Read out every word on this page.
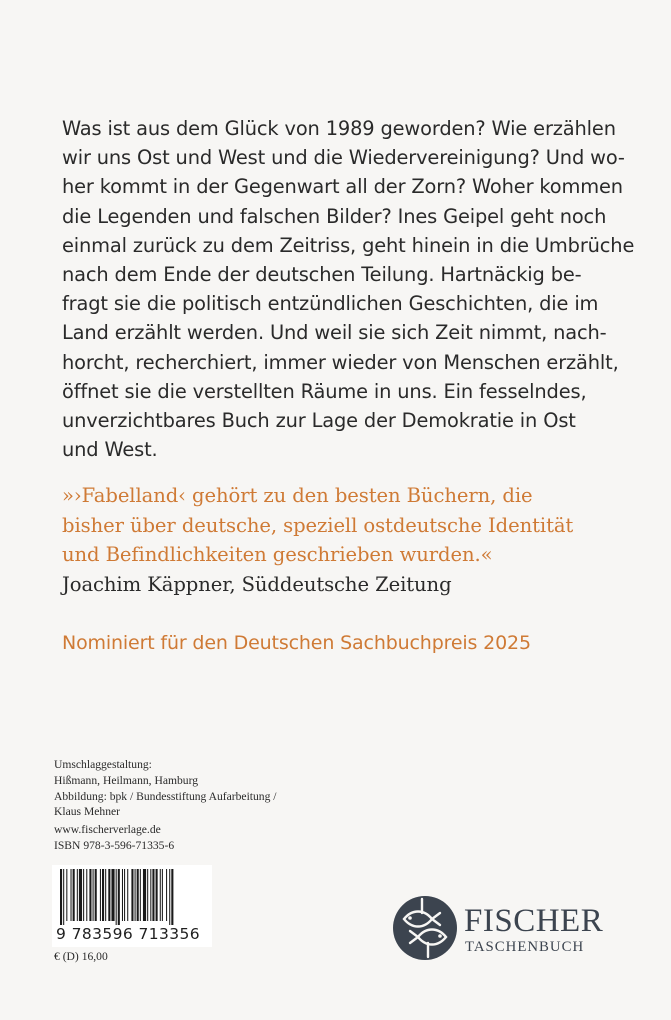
Was ist aus dem Glück von 1989 geworden? Wie erzählen
wir uns Ost und West und die Wiedervereinigung? Und wo-
her kommt in der Gegenwart all der Zorn? Woher kommen
die Legenden und falschen Bilder? Ines Geipel geht noch
einmal zurück zu dem Zeitriss, geht hinein in die Umbrüche
nach dem Ende der deutschen Teilung. Hartnäckig be-
fragt sie die politisch entzündlichen Geschichten, die im
Land erzählt werden. Und weil sie sich Zeit nimmt, nach-
horcht, recherchiert, immer wieder von Menschen erzählt,
öffnet sie die verstellten Räume in uns. Ein fesselndes,
unverzichtbares Buch zur Lage der Demokratie in Ost
und West.
»›Fabelland‹ gehört zu den besten Büchern, die
bisher über deutsche, speziell ostdeutsche Identität
und Befindlichkeiten geschrieben wurden.«
Joachim Käppner, Süddeutsche Zeitung
Nominiert für den Deutschen Sachbuchpreis 2025
Umschlaggestaltung:
Hißmann, Heilmann, Hamburg
Abbildung: bpk / Bundesstiftung Aufarbeitung /
Klaus Mehner
www.fischerverlage.de
ISBN 978-3-596-71335-6
9 783596 713356
€ (D) 16,00
FISCHER
TASCHENBUCH
